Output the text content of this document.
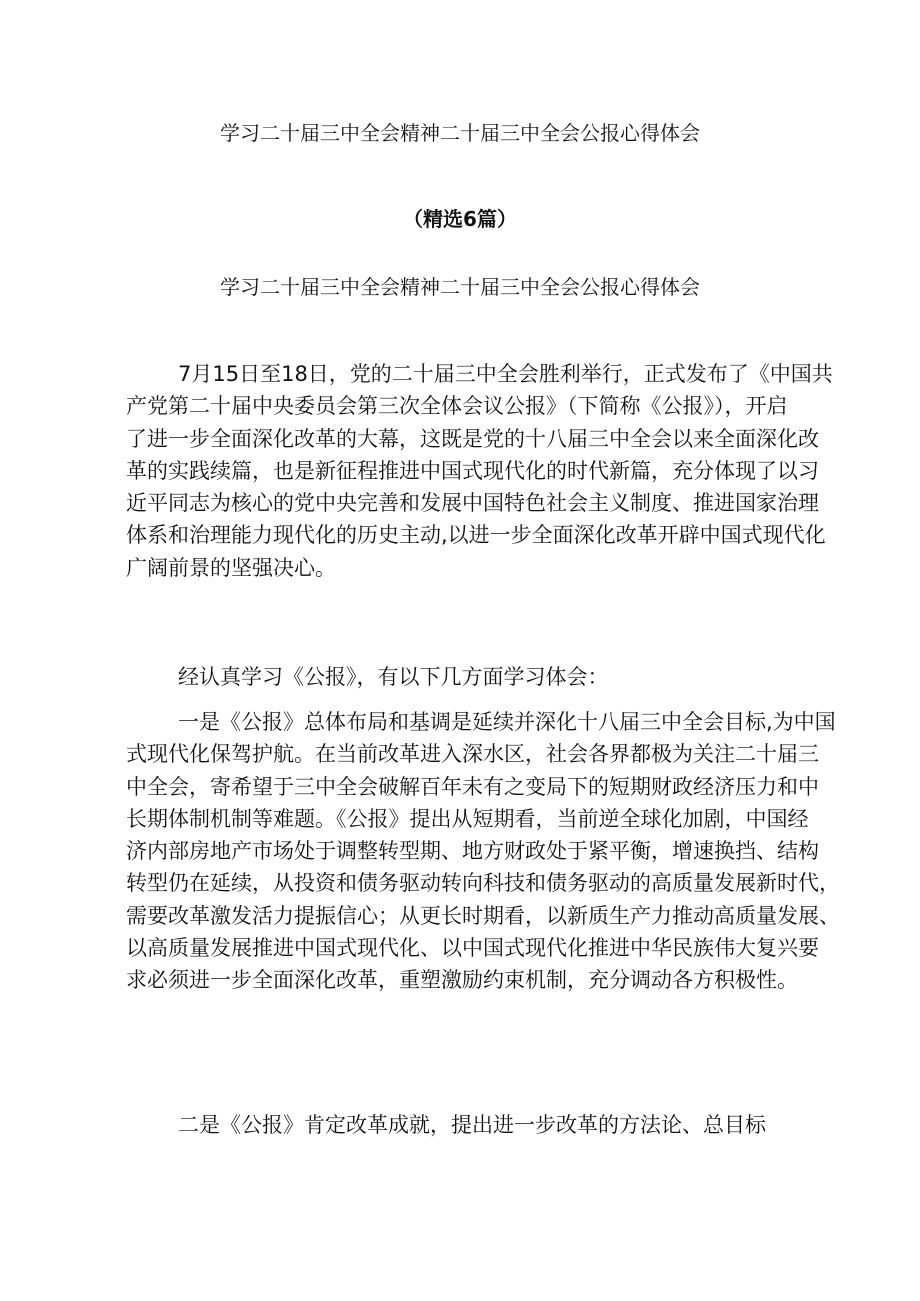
学习二十届三中全会精神二十届三中全会公报心得体会
（精选6篇）
学习二十届三中全会精神二十届三中全会公报心得体会

7月15日至18日，党的二十届三中全会胜利举行，正式发布了《中国共
产党第二十届中央委员会第三次全体会议公报》（下简称《公报》），开启
了进一步全面深化改革的大幕，这既是党的十八届三中全会以来全面深化改
革的实践续篇，也是新征程推进中国式现代化的时代新篇，充分体现了以习
近平同志为核心的党中央完善和发展中国特色社会主义制度、推进国家治理
体系和治理能力现代化的历史主动,以进一步全面深化改革开辟中国式现代化
广阔前景的坚强决心。

经认真学习《公报》，有以下几方面学习体会：

一是《公报》总体布局和基调是延续并深化十八届三中全会目标,为中国
式现代化保驾护航。在当前改革进入深水区，社会各界都极为关注二十届三
中全会，寄希望于三中全会破解百年未有之变局下的短期财政经济压力和中
长期体制机制等难题。《公报》提出从短期看，当前逆全球化加剧，中国经
济内部房地产市场处于调整转型期、地方财政处于紧平衡，增速换挡、结构
转型仍在延续，从投资和债务驱动转向科技和债务驱动的高质量发展新时代，
需要改革激发活力提振信心；从更长时期看，以新质生产力推动高质量发展、
以高质量发展推进中国式现代化、以中国式现代化推进中华民族伟大复兴要
求必须进一步全面深化改革，重塑激励约束机制，充分调动各方积极性。

二是《公报》肯定改革成就，提出进一步改革的方法论、总目标
